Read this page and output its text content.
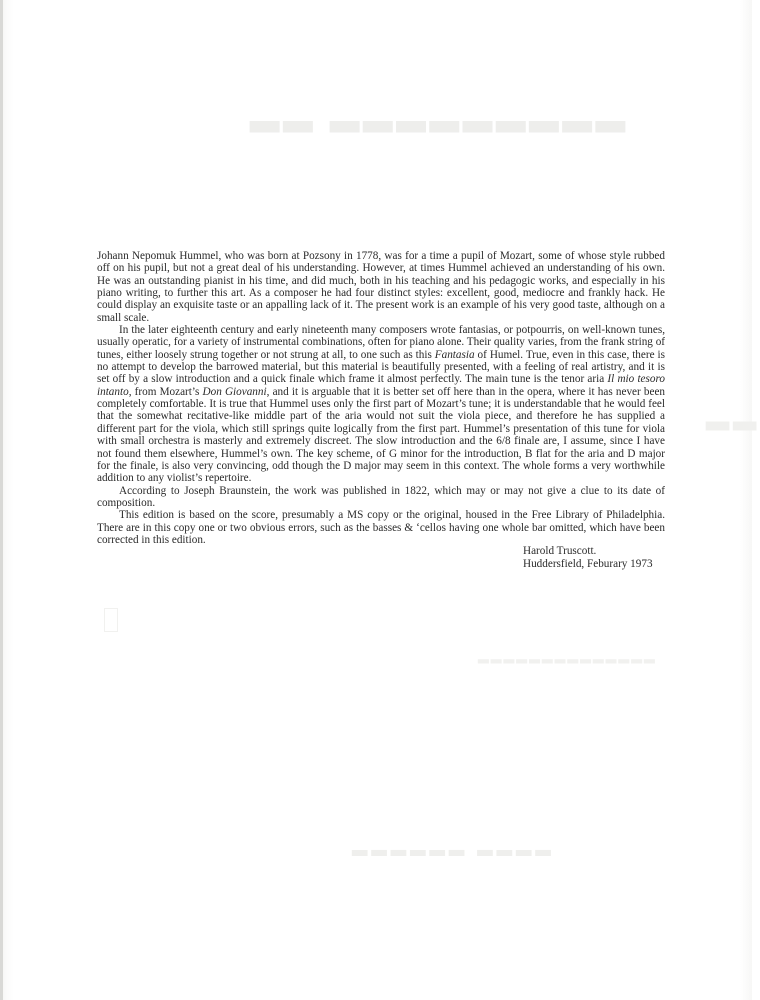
▂▂ ▂▂▂▂▂▂▂▂▂
▂▂
▂▂▂▂▂▂▂▂▂▂▂▂▂▂
▂▂▂▂▂▂ ▂▂▂▂

Johann Nepomuk Hummel, who was born at Pozsony in 1778, was for a time a pupil of Mozart, some of whose style rubbed off on his pupil, but not a great deal of his understanding. However, at times Hummel achieved an understanding of his own. He was an outstanding pianist in his time, and did much, both in his teaching and his pedagogic works, and especially in his piano writing, to further this art. As a composer he had four distinct styles: excellent, good, mediocre and frankly hack. He could display an exquisite taste or an appalling lack of it. The present work is an example of his very good taste, although on a small scale.

In the later eighteenth century and early nineteenth many composers wrote fantasias, or potpourris, on well-known tunes, usually operatic, for a variety of instrumental combinations, often for piano alone. Their quality varies, from the frank string of tunes, either loosely strung together or not strung at all, to one such as this Fantasia of Humel. True, even in this case, there is no attempt to develop the barrowed material, but this material is beautifully presented, with a feeling of real artistry, and it is set off by a slow introduction and a quick finale which frame it almost perfectly. The main tune is the tenor aria Il mio tesoro intanto, from Mozart’s Don Giovanni, and it is arguable that it is better set off here than in the opera, where it has never been completely comfortable. It is true that Hummel uses only the first part of Mozart’s tune; it is understandable that he would feel that the somewhat recitative-like middle part of the aria would not suit the viola piece, and therefore he has supplied a different part for the viola, which still springs quite logically from the first part. Hummel’s presentation of this tune for viola with small orchestra is masterly and extremely discreet. The slow introduction and the 6/8 finale are, I assume, since I have not found them elsewhere, Hummel’s own. The key scheme, of G minor for the introduction, B flat for the aria and D major for the finale, is also very convincing, odd though the D major may seem in this context. The whole forms a very worthwhile addition to any violist’s repertoire.

According to Joseph Braunstein, the work was published in 1822, which may or may not give a clue to its date of composition.

This edition is based on the score, presumably a MS copy or the original, housed in the Free Library of Philadelphia. There are in this copy one or two obvious errors, such as the basses & ‘cellos having one whole bar omitted, which have been corrected in this edition.

Harold Truscott.
Huddersfield, Feburary 1973
